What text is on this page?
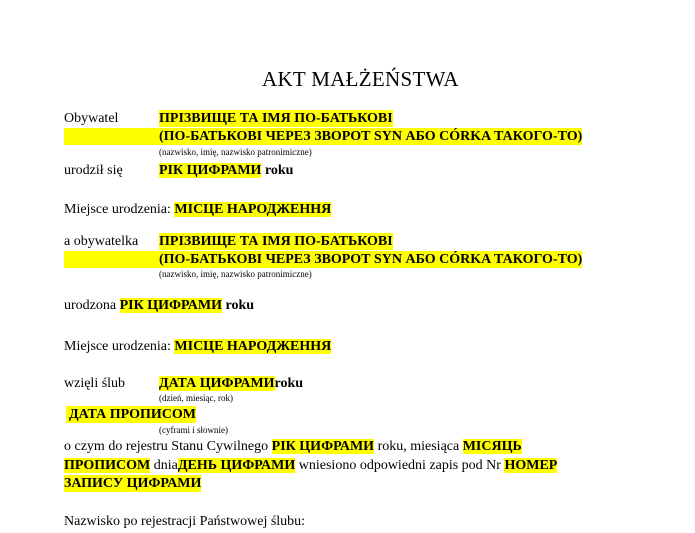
AKT MAŁŻEŃSTWA
Obywatel	ПРІЗВИЩЕ ТА ІМЯ ПО-БАТЬКОВІ
(ПО-БАТЬКОВІ ЧЕРЕЗ ЗВОРОТ SYN АБО CÓRKA ТАКОГО-ТО)
(nazwisko, imię, nazwisko patronimiczne)
urodził się	РІК ЦИФРАМИ roku
Miejsce urodzenia: МІСЦЕ НАРОДЖЕННЯ
a obywatelka ПРІЗВИЩЕ ТА ІМЯ ПО-БАТЬКОВІ
(ПО-БАТЬКОВІ ЧЕРЕЗ ЗВОРОТ SYN АБО CÓRKA ТАКОГО-ТО)
(nazwisko, imię, nazwisko patronimiczne)
urodzona РІК ЦИФРАМИ roku
Miejsce urodzenia: МІСЦЕ НАРОДЖЕННЯ
wzięli ślub ДАТА ЦИФРАМИroku
(dzień, miesiąc, rok)
ДАТА ПРОПИСОМ
(cyframi i słownie)
o czym do rejestru Stanu Cywilnego РІК ЦИФРАМИ roku, miesiąca МІСЯЦЬ
ПРОПИСОМ dniaДЕНЬ ЦИФРАМИ wniesiono odpowiedni zapis pod Nr НОМЕР
ЗАПИСУ ЦИФРАМИ
Nazwisko po rejestracji Państwowej ślubu:
